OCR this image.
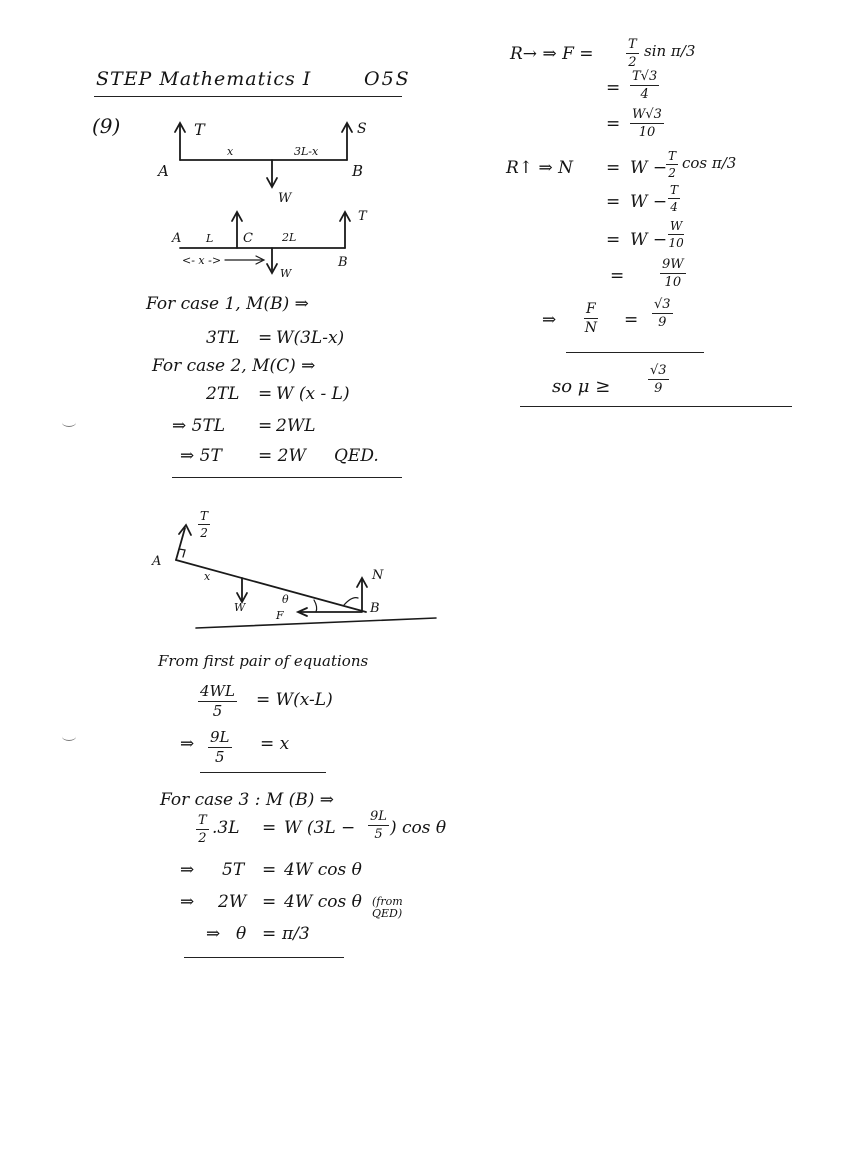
STEP Mathematics I	O5S
(9)
A	B
T	S
x	3L-x
W
A L C	2L
T
B
<- x ->
W
For case 1, M(B) ⇒
3TL = W(3L-x)
For case 2, M(C) ⇒
2TL = W (x - L)
⇒ 5TL = 2WL
⇒ 5T = 2W QED.
A
$\frac{T}{2}$
x
W
θ
F
N
B
From first pair of equations
$\frac{4WL}{5} = W(x-L)$
⇒ $\frac{9L}{5} = x$
For case 3 : M (B) ⇒
$\frac{T}{2} .3L = W$ ($3L - \frac{9L}{5}$ ) cos θ
⇒ 5T = 4W cos θ
⇒ 2W = 4W cos θ (from QED)
⇒ θ = π/3
R→ ⇒ $F = \frac{T}{2}$ sin π/3
= $\frac{T√3}{4}$
= $\frac{W√3}{10}$
R↑ ⇒ N = W −
$\frac{T}{2}$ cos π/3
= $W - \frac{T}{4}$
= $W - \frac{W}{10}$
=	$\frac{9W}{10}$
⇒ $\frac{F}{N} = \frac{√3}{9}$
so μ ≥	$\frac{√3}{9}$
